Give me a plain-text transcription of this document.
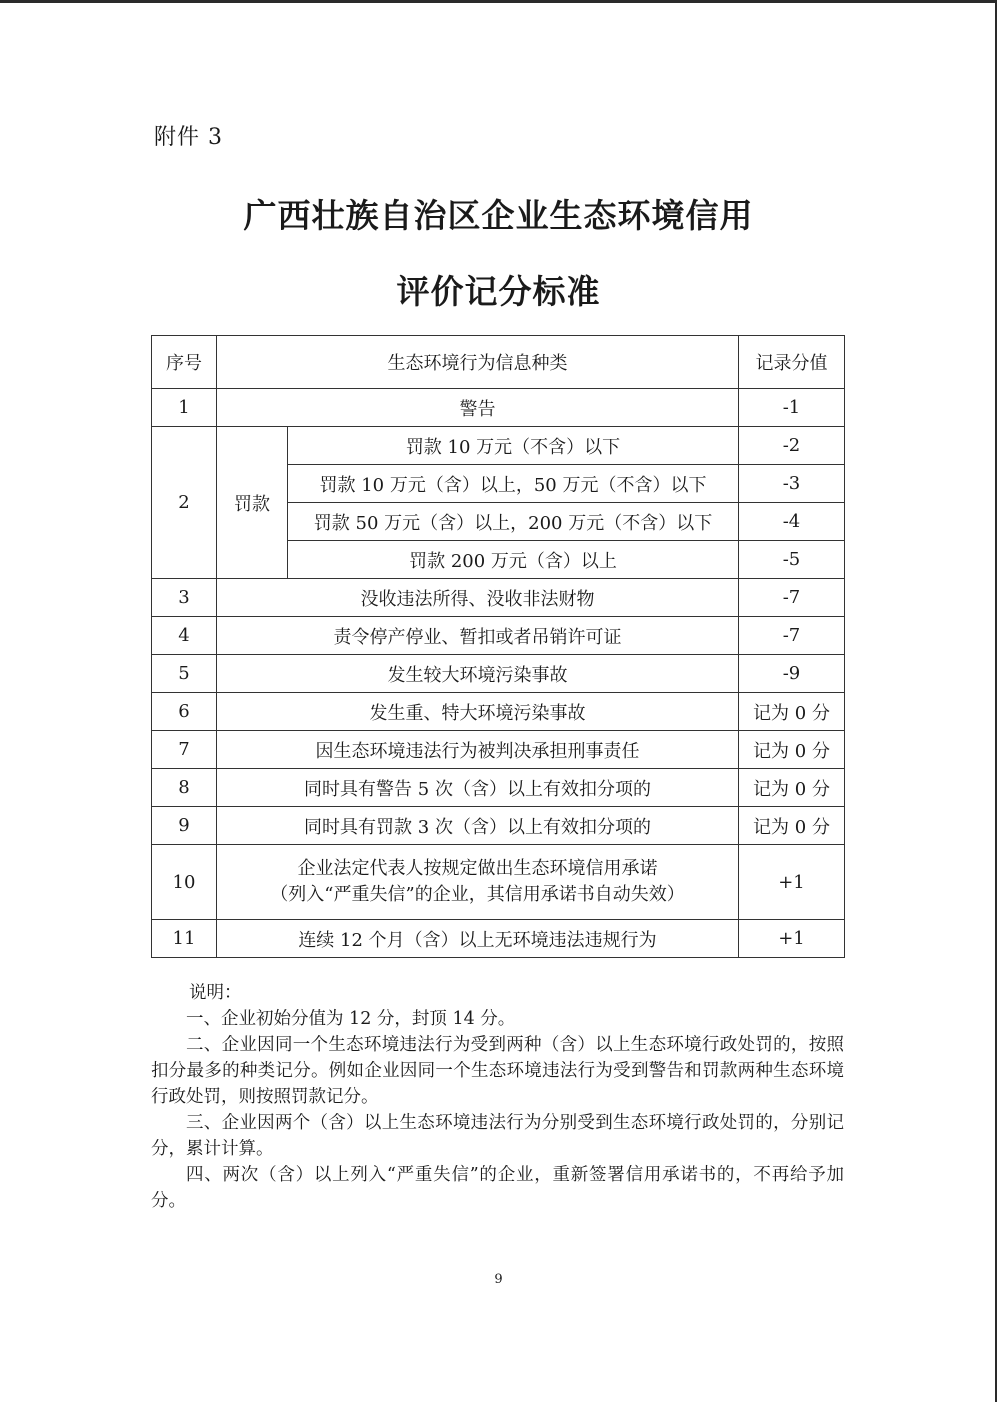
附件 3
广西壮族自治区企业生态环境信用
评价记分标准
序号	生态环境行为信息种类		记录分值
1	警告		-1
2	罚款	罚款 10 万元（不含）以下	-2
		罚款 10 万元（含）以上，50 万元（不含）以下	-3
		罚款 50 万元（含）以上，200 万元（不含）以下	-4
		罚款 200 万元（含）以上	-5
3	没收违法所得、没收非法财物		-7
4	责令停产停业、暂扣或者吊销许可证		-7
5	发生较大环境污染事故		-9
6	发生重、特大环境污染事故		记为 0 分
7	因生态环境违法行为被判决承担刑事责任		记为 0 分
8	同时具有警告 5 次（含）以上有效扣分项的		记为 0 分
9	同时具有罚款 3 次（含）以上有效扣分项的		记为 0 分
10	企业法定代表人按规定做出生态环境信用承诺
（列入“严重失信”的企业，其信用承诺书自动失效）		+1
11	连续 12 个月（含）以上无环境违法违规行为		+1

说明：

一、企业初始分值为 12 分，封顶 14 分。

二、企业因同一个生态环境违法行为受到两种（含）以上生态环境行政处罚的，按照扣分最多的种类记分。例如企业因同一个生态环境违法行为受到警告和罚款两种生态环境行政处罚，则按照罚款记分。

三、企业因两个（含）以上生态环境违法行为分别受到生态环境行政处罚的，分别记分，累计计算。

四、两次（含）以上列入“严重失信”的企业，重新签署信用承诺书的，不再给予加分。

9
